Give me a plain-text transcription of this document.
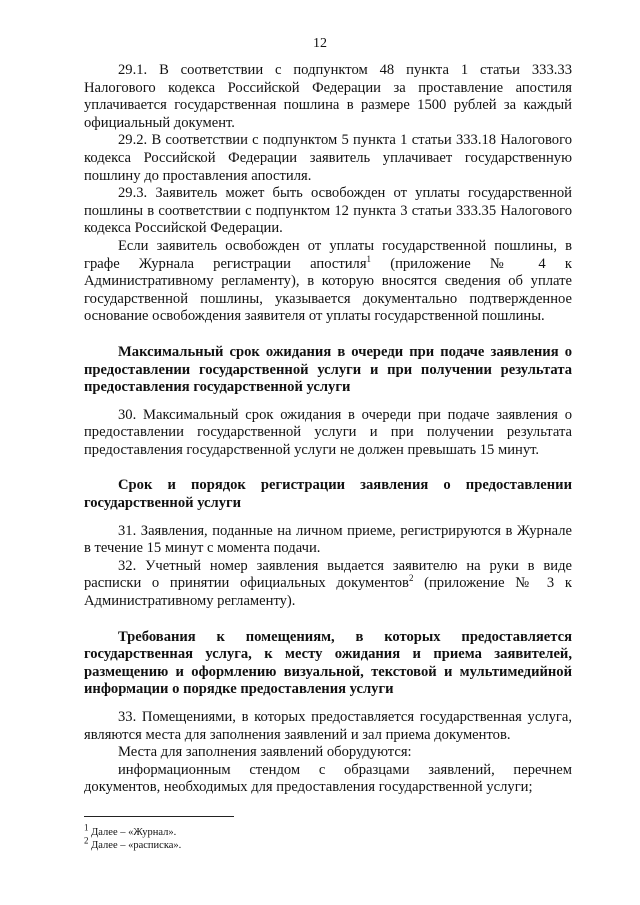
12

29.1. В соответствии с подпунктом 48 пункта 1 статьи 333.33 Налогового кодекса Российской Федерации за проставление апостиля уплачивается государственная пошлина в размере 1500 рублей за каждый официальный документ.

29.2. В соответствии с подпунктом 5 пункта 1 статьи 333.18 Налогового кодекса Российской Федерации заявитель уплачивает государственную пошлину до проставления апостиля.

29.3. Заявитель может быть освобожден от уплаты государственной пошлины в соответствии с подпунктом 12 пункта 3 статьи 333.35 Налогового кодекса Российской Федерации.

Если заявитель освобожден от уплаты государственной пошлины, в графе Журнала регистрации апостиля$^1$ (приложение № 4 к Административному регламенту), в которую вносятся сведения об уплате государственной пошлины, указывается документально подтвержденное основание освобождения заявителя от уплаты государственной пошлины.

Максимальный срок ожидания в очереди при подаче заявления о предоставлении государственной услуги и при получении результата предоставления государственной услуги

30. Максимальный срок ожидания в очереди при подаче заявления о предоставлении государственной услуги и при получении результата предоставления государственной услуги не должен превышать 15 минут.

Срок и порядок регистрации заявления о предоставлении государственной услуги

31. Заявления, поданные на личном приеме, регистрируются в Журнале в течение 15 минут с момента подачи.

32. Учетный номер заявления выдается заявителю на руки в виде расписки о принятии официальных документов$^2$ (приложение № 3 к Административному регламенту).

Требования к помещениям, в которых предоставляется государственная услуга, к месту ожидания и приема заявителей, размещению и оформлению визуальной, текстовой и мультимедийной информации о порядке предоставления услуги

33. Помещениями, в которых предоставляется государственная услуга, являются места для заполнения заявлений и зал приема документов.

Места для заполнения заявлений оборудуются:

информационным стендом с образцами заявлений, перечнем документов, необходимых для предоставления государственной услуги;

$^1$ Далее – «Журнал».
$^2$ Далее – «расписка».
